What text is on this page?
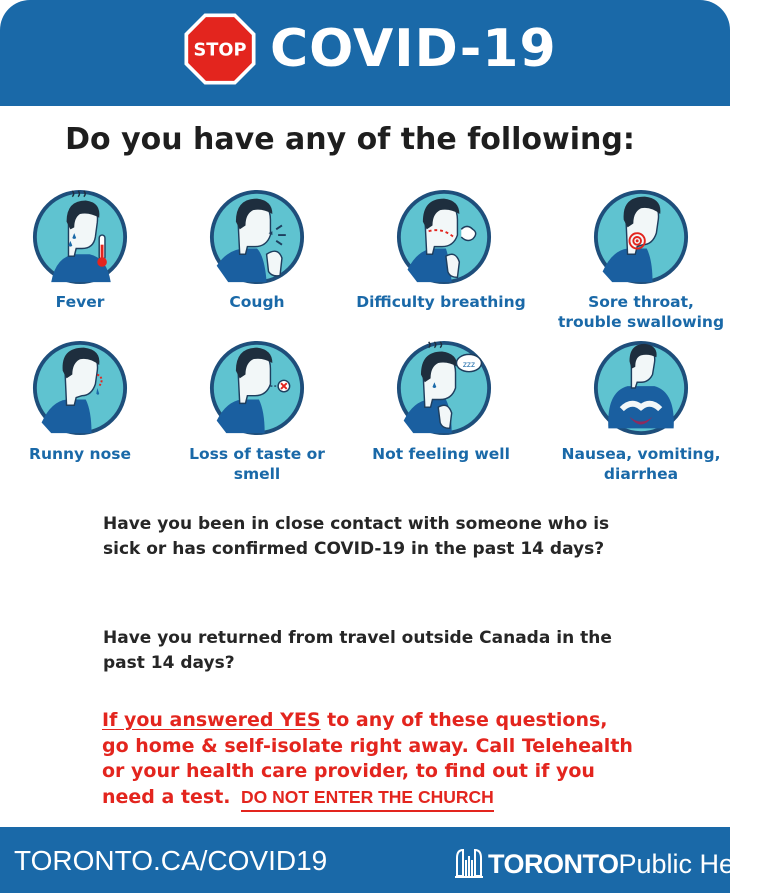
STOP COVID-19
Do you have any of the following:
Fever	Cough	Difficulty breathing	Sore throat,
trouble swallowing
zzz
Runny nose	Loss of taste or
smell
Not feeling well	Nausea, vomiting,
diarrhea
Have you been in close contact with someone who is
sick or has confirmed COVID-19 in the past 14 days?
Have you returned from travel outside Canada in the
past 14 days?
If you answered YES to any of these questions,
go home & self-isolate right away. Call Telehealth
or your health care provider, to find out if you
need a test. DO NOT ENTER THE CHURCH
TORONTO.CA/COVID19	TORONTOPublic Health
